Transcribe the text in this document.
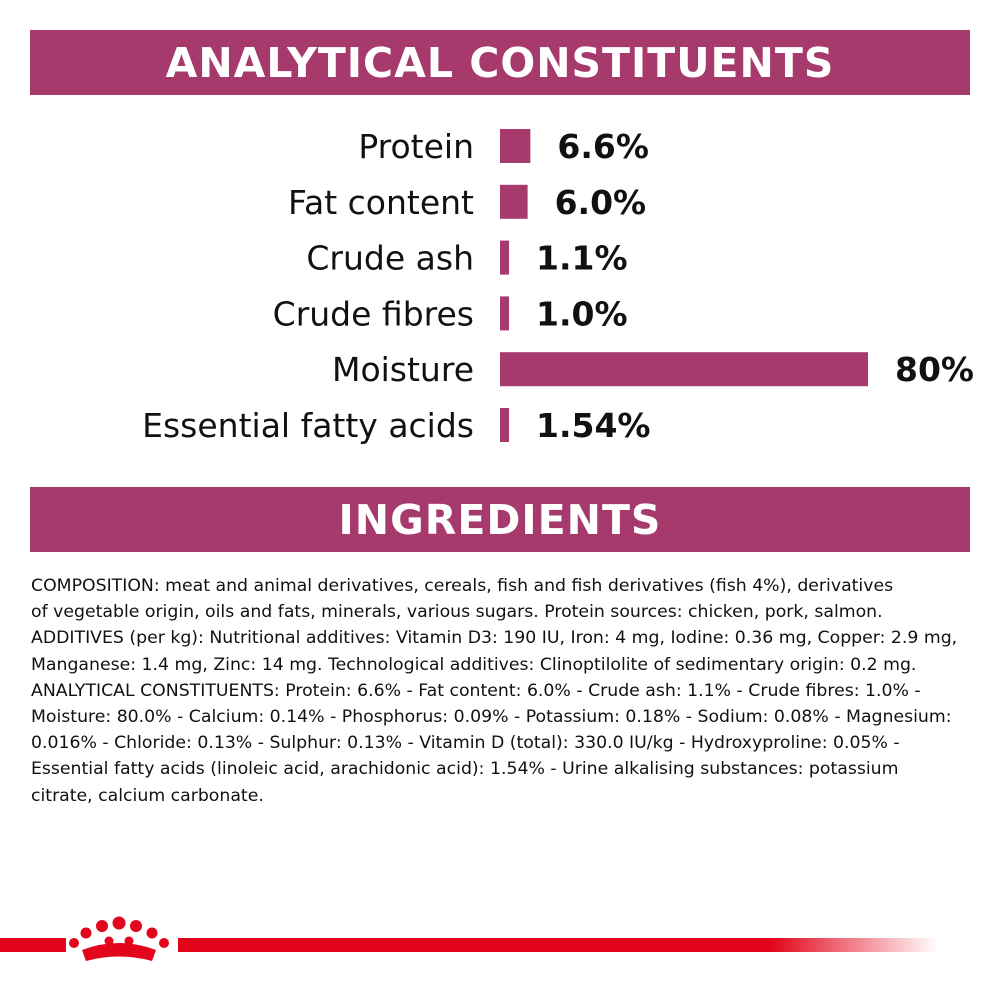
ANALYTICAL CONSTITUENTS
Protein	6.6%
Fat content 6.0%
Crude ash 1.1%
Crude fibres 1.0%
Moisture	80%
Essential fatty acids 1.54%
INGREDIENTS
COMPOSITION: meat and animal derivatives, cereals, fish and fish derivatives (fish 4%), derivatives
of vegetable origin, oils and fats, minerals, various sugars. Protein sources: chicken, pork, salmon.
ADDITIVES (per kg): Nutritional additives: Vitamin D3: 190 IU, Iron: 4 mg, Iodine: 0.36 mg, Copper: 2.9 mg,
Manganese: 1.4 mg, Zinc: 14 mg. Technological additives: Clinoptilolite of sedimentary origin: 0.2 mg.
ANALYTICAL CONSTITUENTS: Protein: 6.6% - Fat content: 6.0% - Crude ash: 1.1% - Crude fibres: 1.0% -
Moisture: 80.0% - Calcium: 0.14% - Phosphorus: 0.09% - Potassium: 0.18% - Sodium: 0.08% - Magnesium:
0.016% - Chloride: 0.13% - Sulphur: 0.13% - Vitamin D (total): 330.0 IU/kg - Hydroxyproline: 0.05% -
Essential fatty acids (linoleic acid, arachidonic acid): 1.54% - Urine alkalising substances: potassium
citrate, calcium carbonate.
